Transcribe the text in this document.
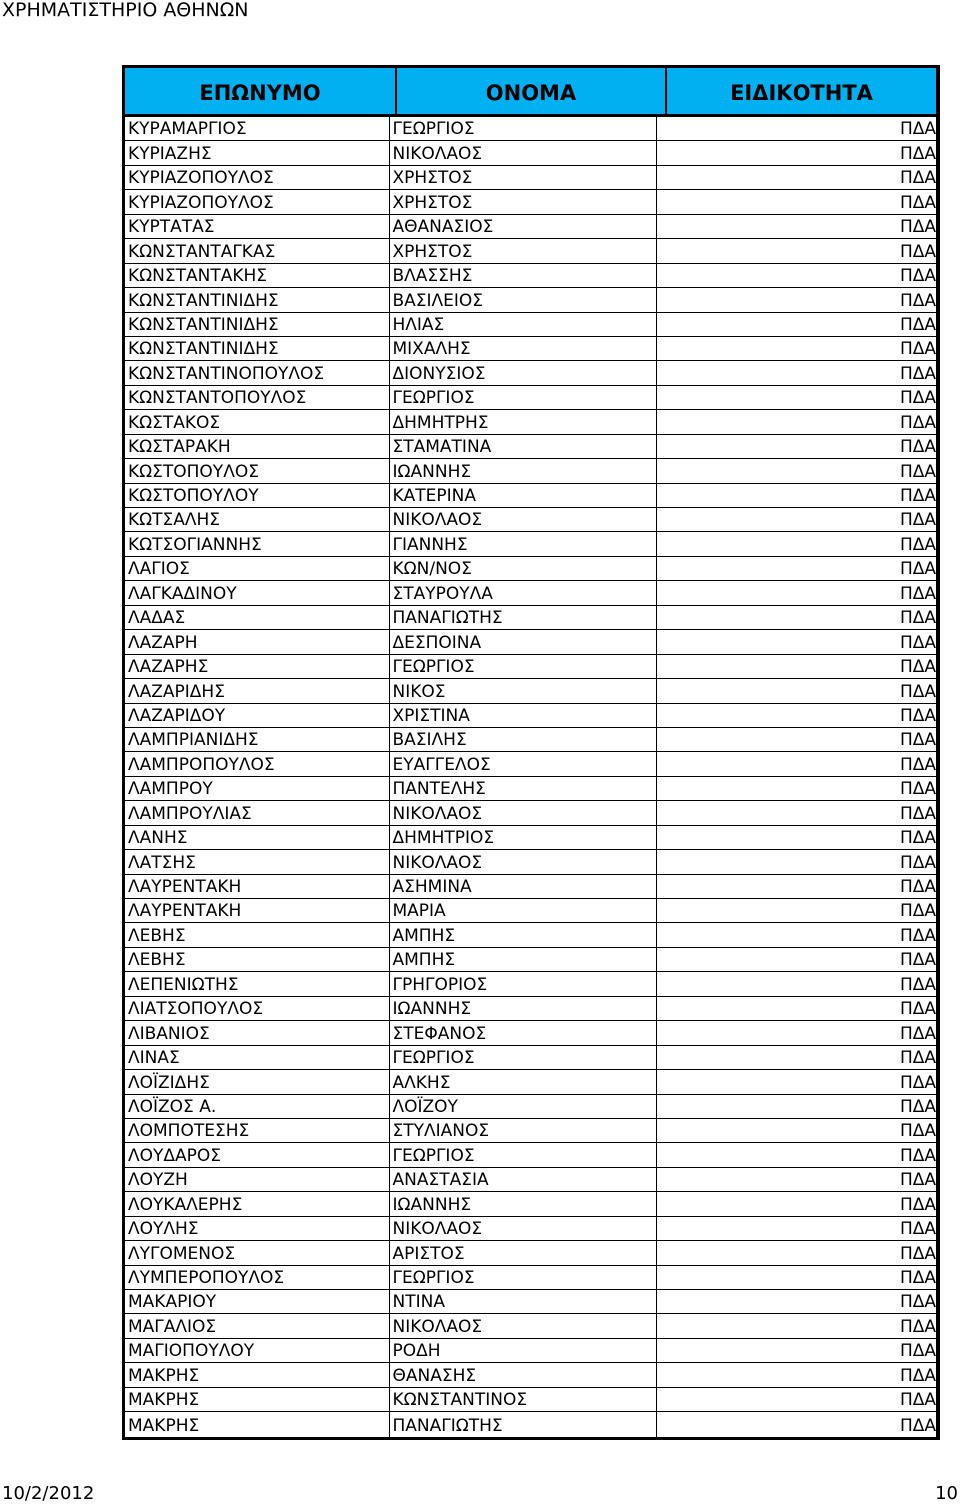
ΧΡΗΜΑΤΙΣΤΗΡΙΟ ΑΘΗΝΩΝ
ΕΠΩΝΥΜΟ	ΟΝΟΜΑ	ΕΙΔΙΚΟΤΗΤΑ
ΚΥΡΑΜΑΡΓΙΟΣ	ΓΕΩΡΓΙΟΣ	ΠΔΑ
ΚΥΡΙΑΖΗΣ	ΝΙΚΟΛΑΟΣ	ΠΔΑ
ΚΥΡΙΑΖΟΠΟΥΛΟΣ	ΧΡΗΣΤΟΣ	ΠΔΑ
ΚΥΡΙΑΖΟΠΟΥΛΟΣ	ΧΡΗΣΤΟΣ	ΠΔΑ
ΚΥΡΤΑΤΑΣ	ΑΘΑΝΑΣΙΟΣ	ΠΔΑ
ΚΩΝΣΤΑΝΤΑΓΚΑΣ	ΧΡΗΣΤΟΣ	ΠΔΑ
ΚΩΝΣΤΑΝΤΑΚΗΣ	ΒΛΑΣΣΗΣ	ΠΔΑ
ΚΩΝΣΤΑΝΤΙΝΙΔΗΣ	ΒΑΣΙΛΕΙΟΣ	ΠΔΑ
ΚΩΝΣΤΑΝΤΙΝΙΔΗΣ	ΗΛΙΑΣ	ΠΔΑ
ΚΩΝΣΤΑΝΤΙΝΙΔΗΣ	ΜΙΧΑΛΗΣ	ΠΔΑ
ΚΩΝΣΤΑΝΤΙΝΟΠΟΥΛΟΣ	ΔΙΟΝΥΣΙΟΣ	ΠΔΑ
ΚΩΝΣΤΑΝΤΟΠΟΥΛΟΣ	ΓΕΩΡΓΙΟΣ	ΠΔΑ
ΚΩΣΤΑΚΟΣ	ΔΗΜΗΤΡΗΣ	ΠΔΑ
ΚΩΣΤΑΡΑΚΗ	ΣΤΑΜΑΤΙΝΑ	ΠΔΑ
ΚΩΣΤΟΠΟΥΛΟΣ	ΙΩΑΝΝΗΣ	ΠΔΑ
ΚΩΣΤΟΠΟΥΛΟΥ	ΚΑΤΕΡΙΝΑ	ΠΔΑ
ΚΩΤΣΑΛΗΣ	ΝΙΚΟΛΑΟΣ	ΠΔΑ
ΚΩΤΣΟΓΙΑΝΝΗΣ	ΓΙΑΝΝΗΣ	ΠΔΑ
ΛΑΓΙΟΣ	ΚΩΝ/ΝΟΣ	ΠΔΑ
ΛΑΓΚΑΔΙΝΟΥ	ΣΤΑΥΡΟΥΛΑ	ΠΔΑ
ΛΑΔΑΣ	ΠΑΝΑΓΙΩΤΗΣ	ΠΔΑ
ΛΑΖΑΡΗ	ΔΕΣΠΟΙΝΑ	ΠΔΑ
ΛΑΖΑΡΗΣ	ΓΕΩΡΓΙΟΣ	ΠΔΑ
ΛΑΖΑΡΙΔΗΣ	ΝΙΚΟΣ	ΠΔΑ
ΛΑΖΑΡΙΔΟΥ	ΧΡΙΣΤΙΝΑ	ΠΔΑ
ΛΑΜΠΡΙΑΝΙΔΗΣ	ΒΑΣΙΛΗΣ	ΠΔΑ
ΛΑΜΠΡΟΠΟΥΛΟΣ	ΕΥΑΓΓΕΛΟΣ	ΠΔΑ
ΛΑΜΠΡΟΥ	ΠΑΝΤΕΛΗΣ	ΠΔΑ
ΛΑΜΠΡΟΥΛΙΑΣ	ΝΙΚΟΛΑΟΣ	ΠΔΑ
ΛΑΝΗΣ	ΔΗΜΗΤΡΙΟΣ	ΠΔΑ
ΛΑΤΣΗΣ	ΝΙΚΟΛΑΟΣ	ΠΔΑ
ΛΑΥΡΕΝΤΑΚΗ	ΑΣΗΜΙΝΑ	ΠΔΑ
ΛΑΥΡΕΝΤΑΚΗ	ΜΑΡΙΑ	ΠΔΑ
ΛΕΒΗΣ	ΑΜΠΗΣ	ΠΔΑ
ΛΕΒΗΣ	ΑΜΠΗΣ	ΠΔΑ
ΛΕΠΕΝΙΩΤΗΣ	ΓΡΗΓΟΡΙΟΣ	ΠΔΑ
ΛΙΑΤΣΟΠΟΥΛΟΣ	ΙΩΑΝΝΗΣ	ΠΔΑ
ΛΙΒΑΝΙΟΣ	ΣΤΕΦΑΝΟΣ	ΠΔΑ
ΛΙΝΑΣ	ΓΕΩΡΓΙΟΣ	ΠΔΑ
ΛΟΪΖΙΔΗΣ	ΑΛΚΗΣ	ΠΔΑ
ΛΟΪΖΟΣ Α.	ΛΟΪΖΟΥ	ΠΔΑ
ΛΟΜΠΟΤΕΣΗΣ	ΣΤΥΛΙΑΝΟΣ	ΠΔΑ
ΛΟΥΔΑΡΟΣ	ΓΕΩΡΓΙΟΣ	ΠΔΑ
ΛΟΥΖΗ	ΑΝΑΣΤΑΣΙΑ	ΠΔΑ
ΛΟΥΚΑΛΕΡΗΣ	ΙΩΑΝΝΗΣ	ΠΔΑ
ΛΟΥΛΗΣ	ΝΙΚΟΛΑΟΣ	ΠΔΑ
ΛΥΓΟΜΕΝΟΣ	ΑΡΙΣΤΟΣ	ΠΔΑ
ΛΥΜΠΕΡΟΠΟΥΛΟΣ	ΓΕΩΡΓΙΟΣ	ΠΔΑ
ΜΑΚΑΡΙΟΥ	ΝΤΙΝΑ	ΠΔΑ
ΜΑΓΑΛΙΟΣ	ΝΙΚΟΛΑΟΣ	ΠΔΑ
ΜΑΓΙΟΠΟΥΛΟΥ	ΡΟΔΗ	ΠΔΑ
ΜΑΚΡΗΣ	ΘΑΝΑΣΗΣ	ΠΔΑ
ΜΑΚΡΗΣ	ΚΩΝΣΤΑΝΤΙΝΟΣ	ΠΔΑ
ΜΑΚΡΗΣ	ΠΑΝΑΓΙΩΤΗΣ	ΠΔΑ
10/2/2012	10
